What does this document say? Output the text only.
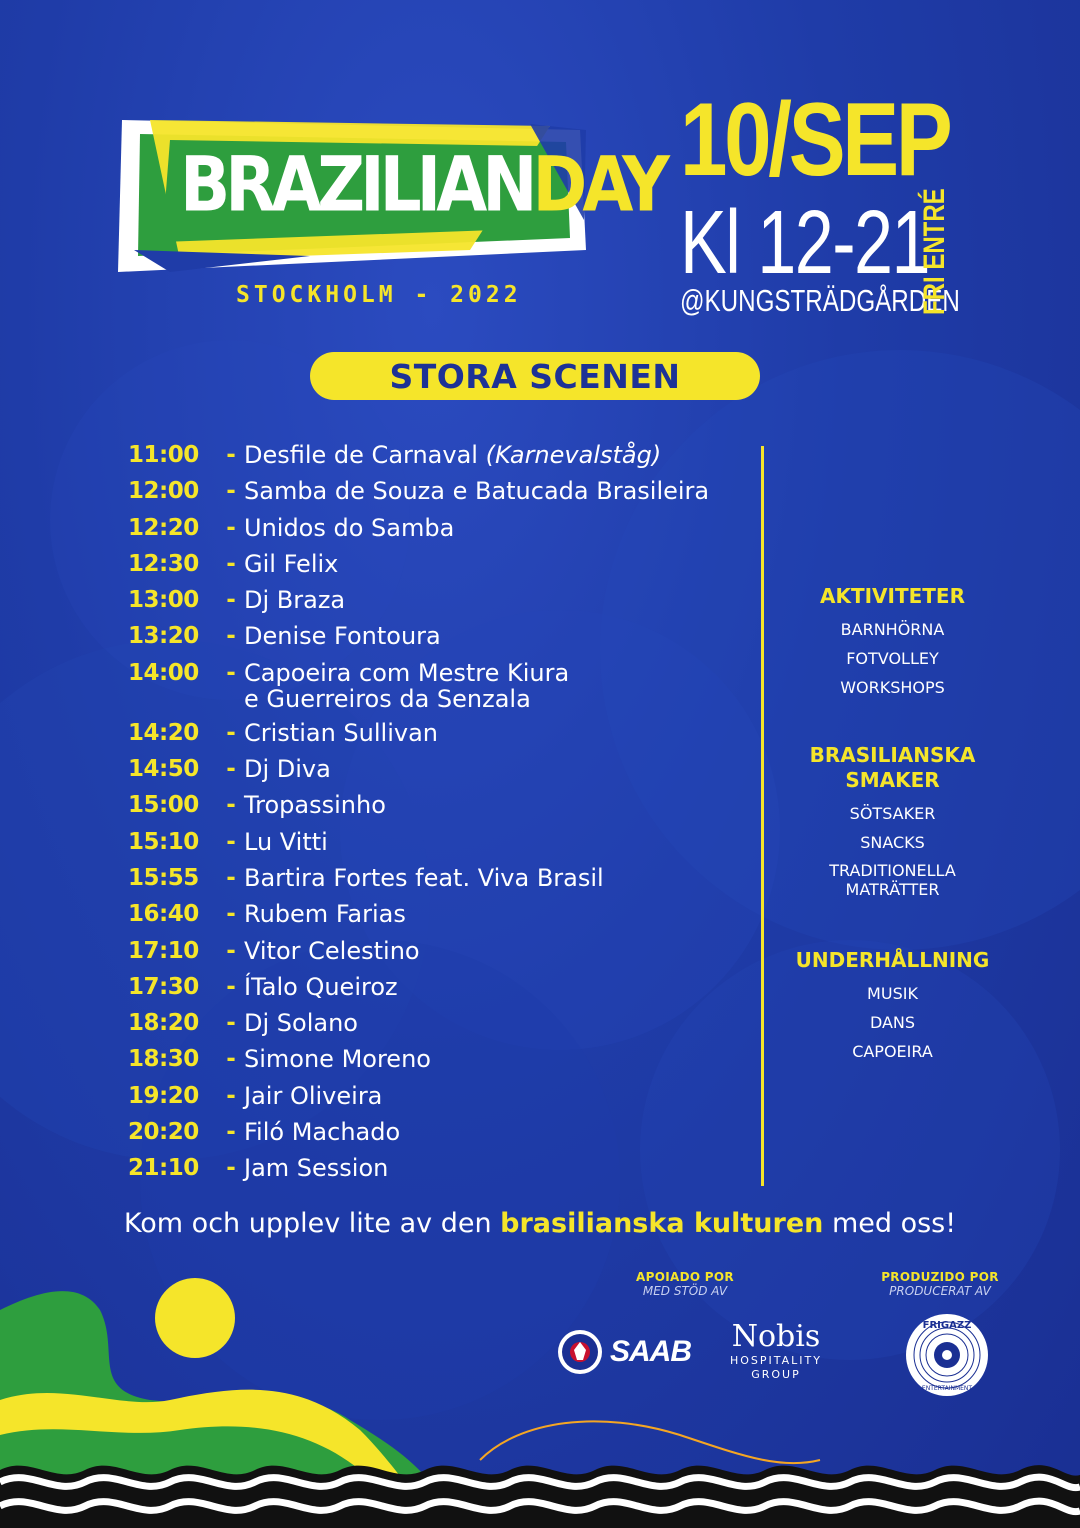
BRAZILIANDAY
STOCKHOLM - 2022
10/SEP
Kl 12-21
@KUNGSTRÄDGÅRDEN
FRI ENTRÉ
STORA SCENEN
11:00	- Desfile de Carnaval (Karnevalståg)
12:00	- Samba de Souza e Batucada Brasileira
12:20	- Unidos do Samba
12:30	- Gil Felix
13:00	- Dj Braza
13:20	- Denise Fontoura
14:00	- Capoeira com Mestre Kiura
e Guerreiros da Senzala
14:20	- Cristian Sullivan
14:50	- Dj Diva
15:00	- Tropassinho
15:10	- Lu Vitti
15:55	- Bartira Fortes feat. Viva Brasil
16:40	- Rubem Farias
17:10	- Vitor Celestino
17:30	- ÍTalo Queiroz
18:20	- Dj Solano
18:30	- Simone Moreno
19:20	- Jair Oliveira
20:20	- Filó Machado
21:10	- Jam Session
AKTIVITETER

BARNHÖRNA

FOTVOLLEY

WORKSHOPS

BRASILIANSKA
SMAKER

SÖTSAKER

SNACKS

TRADITIONELLA

MATRÄTTER

UNDERHÅLLNING

MUSIK

DANS

CAPOEIRA

Kom och upplev lite av den brasilianska kulturen med oss!
APOIADO POR
MED STÖD AV
PRODUZIDO POR
PRODUCERAT AV
SAAB Nobis
HOSPITALITY
GROUP
FRIGAZZ
ENTERTAINMENT
